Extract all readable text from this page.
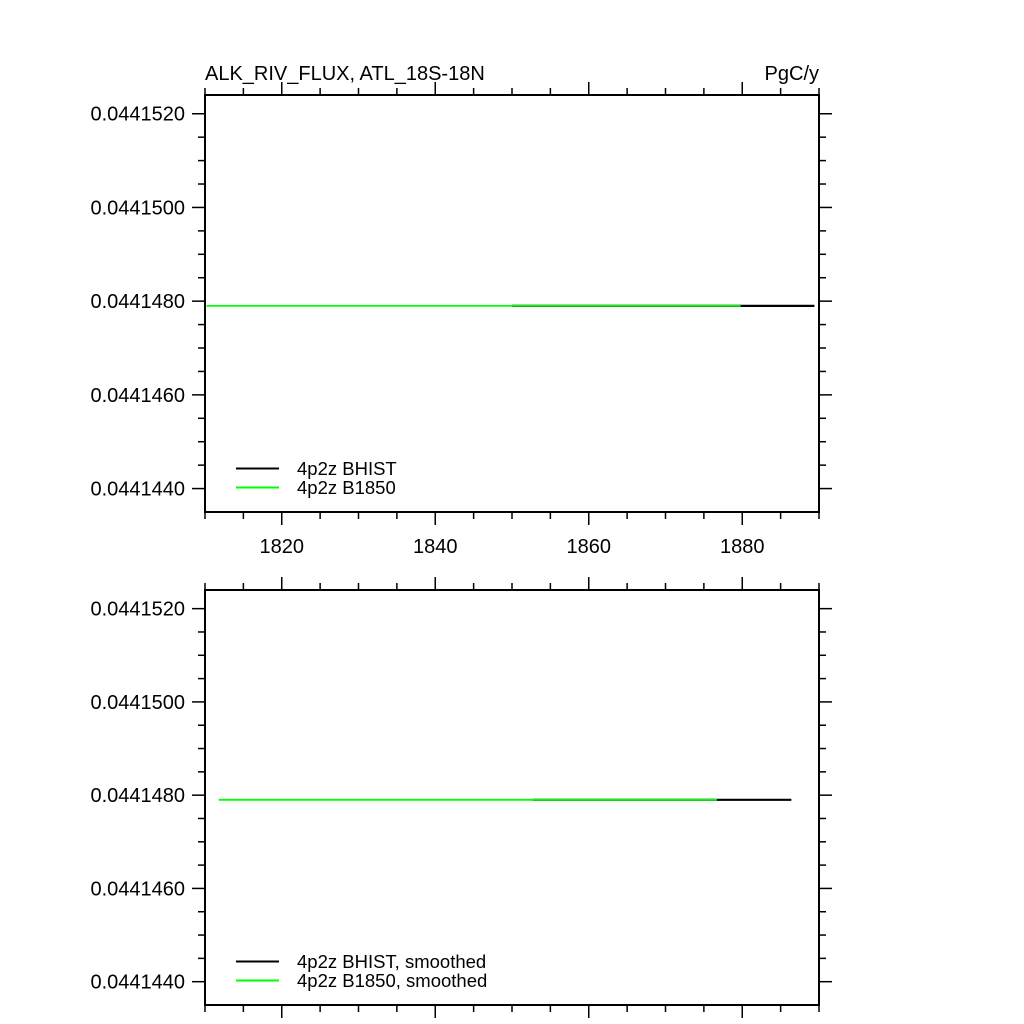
ALK_RIV_FLUX, ATL_18S-18N	PgC/y
0.0441440
0.0441460
0.0441480
0.0441500
0.0441520
1820	1840	1860	1880
4p2z BHIST
4p2z B1850
0.0441440
0.0441460
0.0441480
0.0441500
0.0441520
4p2z BHIST, smoothed
4p2z B1850, smoothed
